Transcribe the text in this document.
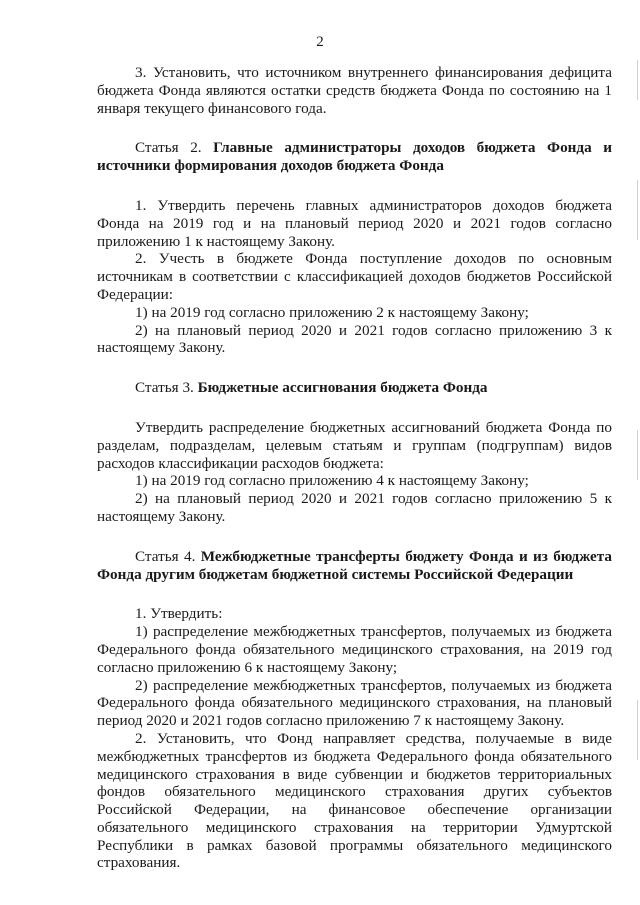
2

3. Установить, что источником внутреннего финансирования дефицита бюджета Фонда являются остатки средств бюджета Фонда по состоянию на 1 января текущего финансового года.

Статья 2. Главные администраторы доходов бюджета Фонда и источники формирования доходов бюджета Фонда

1. Утвердить перечень главных администраторов доходов бюджета Фонда на 2019 год и на плановый период 2020 и 2021 годов согласно приложению 1 к настоящему Закону.

2. Учесть в бюджете Фонда поступление доходов по основным источникам в соответствии с классификацией доходов бюджетов Российской Федерации:

1) на 2019 год согласно приложению 2 к настоящему Закону;

2) на плановый период 2020 и 2021 годов согласно приложению 3 к настоящему Закону.

Статья 3. Бюджетные ассигнования бюджета Фонда

Утвердить распределение бюджетных ассигнований бюджета Фонда по разделам, подразделам, целевым статьям и группам (подгруппам) видов расходов классификации расходов бюджета:

1) на 2019 год согласно приложению 4 к настоящему Закону;

2) на плановый период 2020 и 2021 годов согласно приложению 5 к настоящему Закону.

Статья 4. Межбюджетные трансферты бюджету Фонда и из бюджета Фонда другим бюджетам бюджетной системы Российской Федерации

1. Утвердить:

1) распределение межбюджетных трансфертов, получаемых из бюджета Федерального фонда обязательного медицинского страхования, на 2019 год согласно приложению 6 к настоящему Закону;

2) распределение межбюджетных трансфертов, получаемых из бюджета Федерального фонда обязательного медицинского страхования, на плановый период 2020 и 2021 годов согласно приложению 7 к настоящему Закону.

2. Установить, что Фонд направляет средства, получаемые в виде межбюджетных трансфертов из бюджета Федерального фонда обязательного медицинского страхования в виде субвенции и бюджетов территориальных фондов обязательного медицинского страхования других субъектов Российской Федерации, на финансовое обеспечение организации обязательного медицинского страхования на территории Удмуртской Республики в рамках базовой программы обязательного медицинского страхования.
